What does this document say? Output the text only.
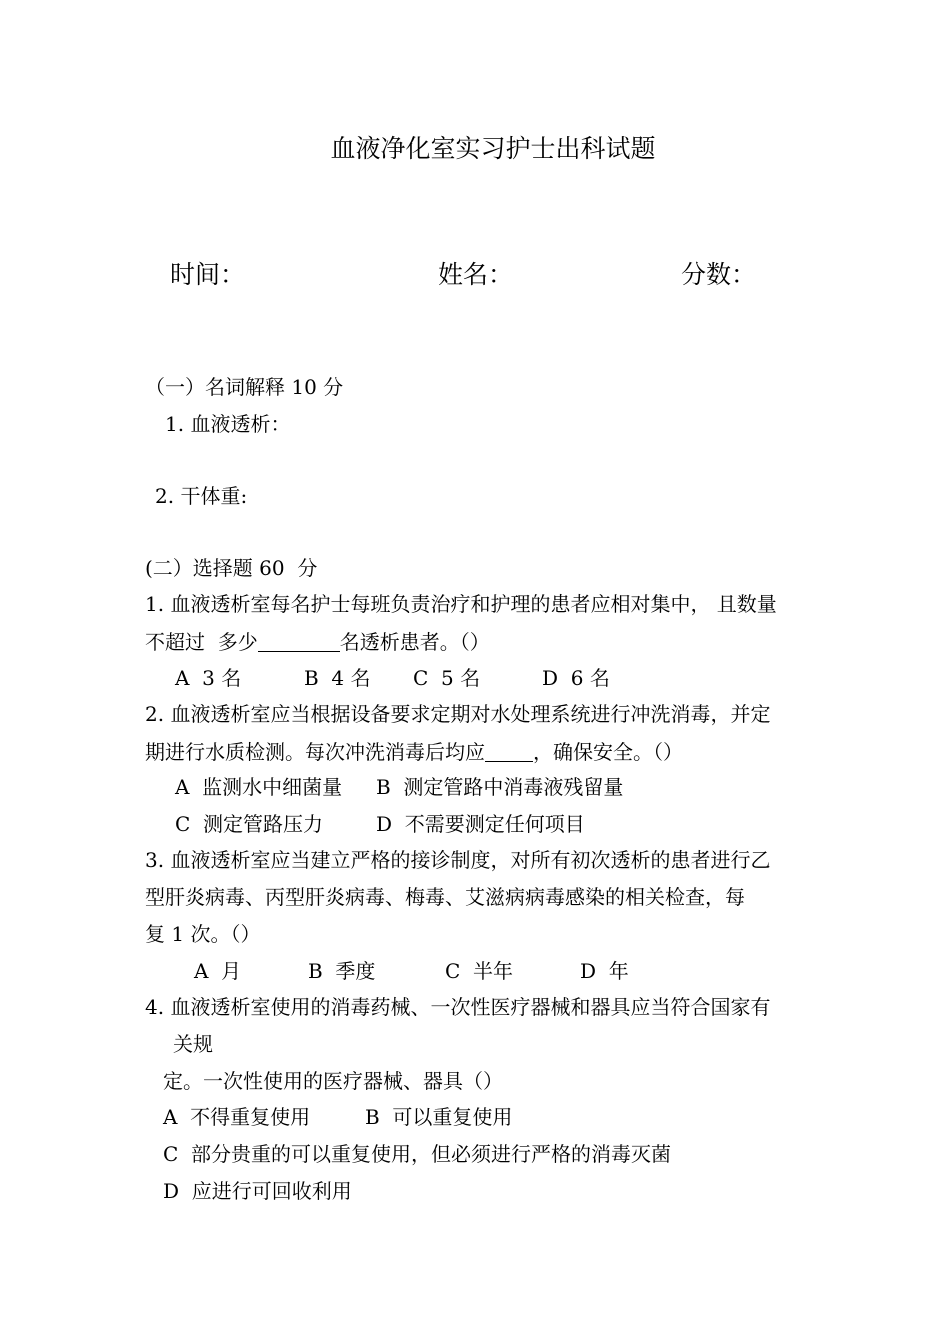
血液净化室实习护士出科试题
时间：	姓名：	分数：
（一）名词解释 10 分
1. 血液透析：
2. 干体重:
(二）选择题 60  分
1. 血液透析室每名护士每班负责治疗和护理的患者应相对集中， 且数量
不超过  多少	名透析患者。（）
A  3 名	B  4 名 C  5 名	D  6 名
2. 血液透析室应当根据设备要求定期对水处理系统进行冲洗消毒，并定
期进行水质检测。每次冲洗消毒后均应 ，确保安全。（）
A  监测水中细菌量 B  测定管路中消毒液残留量
C  测定管路压力	D  不需要测定任何项目
3. 血液透析室应当建立严格的接诊制度，对所有初次透析的患者进行乙
型肝炎病毒、丙型肝炎病毒、梅毒、艾滋病病毒感染的相关检查，每
复 1 次。（）
A  月	B  季度	C  半年	D  年
4. 血液透析室使用的消毒药械、一次性医疗器械和器具应当符合国家有
关规
定。一次性使用的医疗器械、器具（）
A  不得重复使用	B  可以重复使用
C  部分贵重的可以重复使用，但必须进行严格的消毒灭菌
D  应进行可回收利用
